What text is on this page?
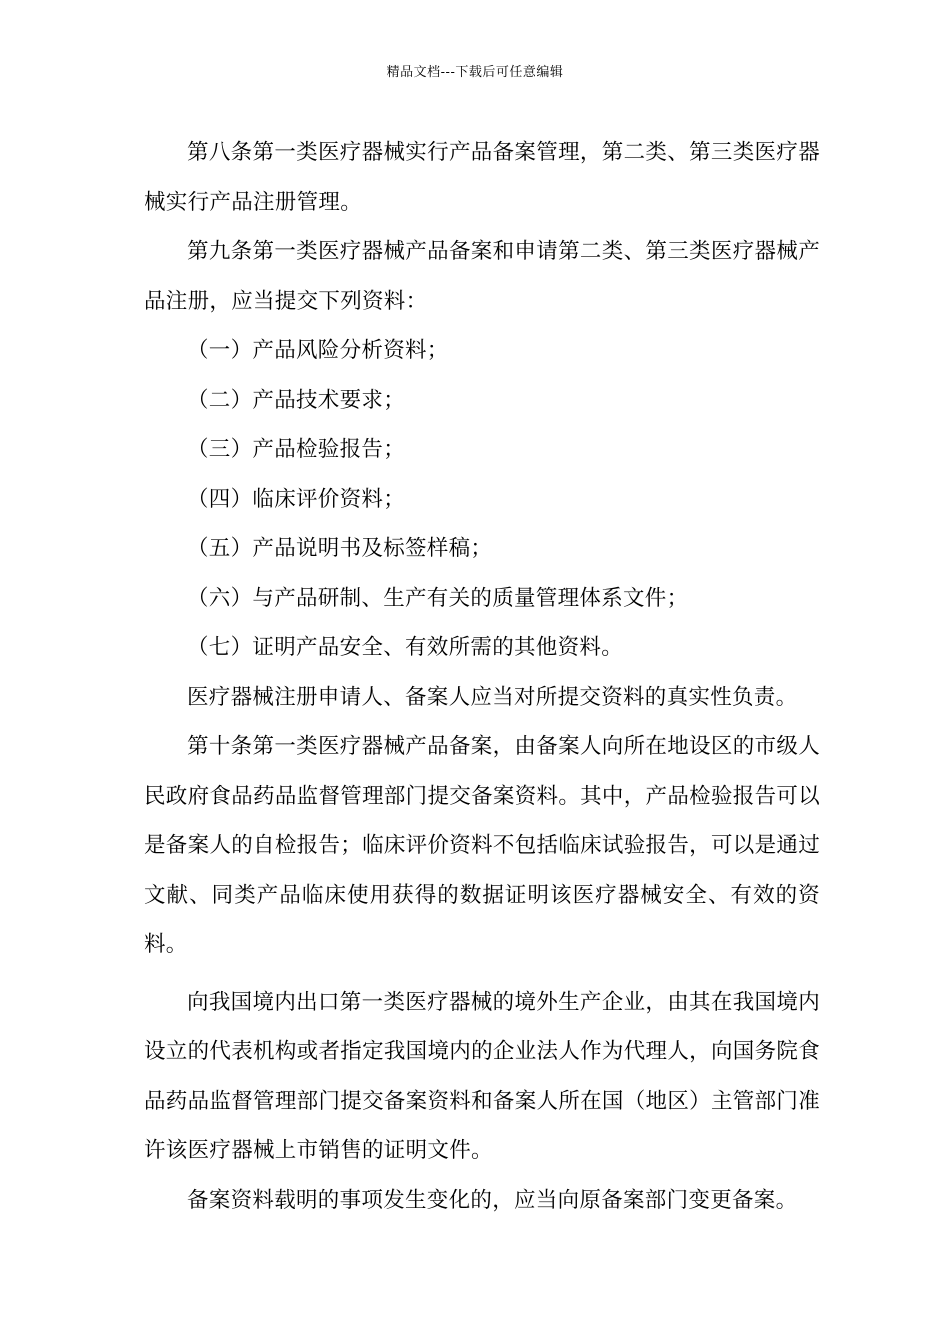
精品文档---下载后可任意编辑

第八条第一类医疗器械实行产品备案管理，第二类、第三类医疗器械实行产品注册管理。

第九条第一类医疗器械产品备案和申请第二类、第三类医疗器械产品注册，应当提交下列资料：

（一）产品风险分析资料；

（二）产品技术要求；

（三）产品检验报告；

（四）临床评价资料；

（五）产品说明书及标签样稿；

（六）与产品研制、生产有关的质量管理体系文件；

（七）证明产品安全、有效所需的其他资料。

医疗器械注册申请人、备案人应当对所提交资料的真实性负责。

第十条第一类医疗器械产品备案，由备案人向所在地设区的市级人民政府食品药品监督管理部门提交备案资料。其中，产品检验报告可以是备案人的自检报告；临床评价资料不包括临床试验报告，可以是通过文献、同类产品临床使用获得的数据证明该医疗器械安全、有效的资料。

向我国境内出口第一类医疗器械的境外生产企业，由其在我国境内设立的代表机构或者指定我国境内的企业法人作为代理人，向国务院食品药品监督管理部门提交备案资料和备案人所在国（地区）主管部门准许该医疗器械上市销售的证明文件。

备案资料载明的事项发生变化的，应当向原备案部门变更备案。
